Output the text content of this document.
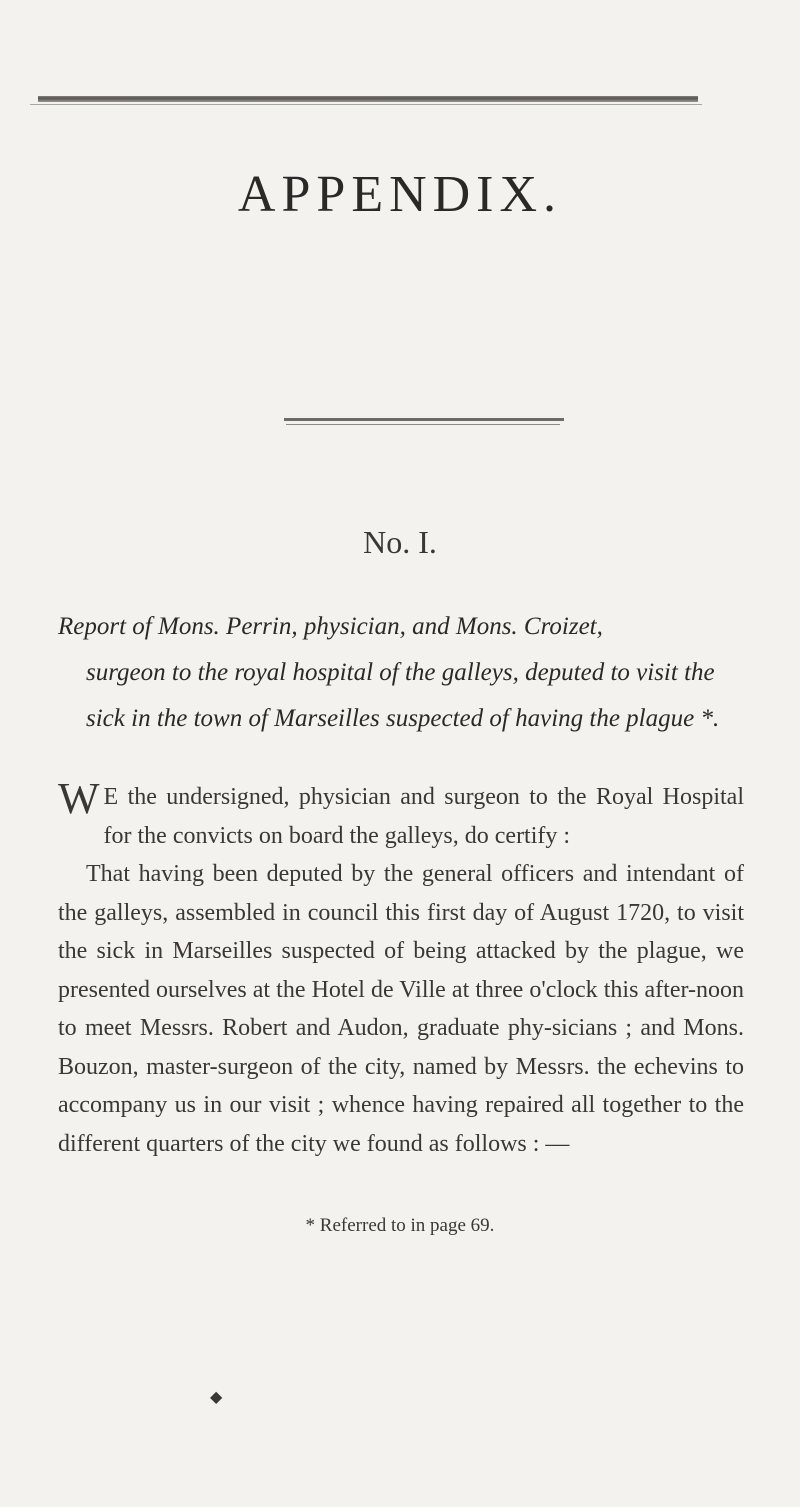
APPENDIX.
No. I.
Report of Mons. Perrin, physician, and Mons. Croizet,
surgeon to the royal hospital of the galleys, deputed to visit the sick in the town of Marseilles suspected of having the plague *.

W E the undersigned, physician and surgeon to the Royal Hospital for the convicts on board the galleys, do certify :

That having been deputed by the general officers and intendant of the galleys, assembled in council this first day of August 1720, to visit the sick in Marseilles suspected of being attacked by the plague, we presented ourselves at the Hotel de Ville at three o'clock this after-noon to meet Messrs. Robert and Audon, graduate phy-sicians ; and Mons. Bouzon, master-surgeon of the city, named by Messrs. the echevins to accompany us in our visit ; whence having repaired all together to the different quarters of the city we found as follows : —

* Referred to in page 69.
◆
